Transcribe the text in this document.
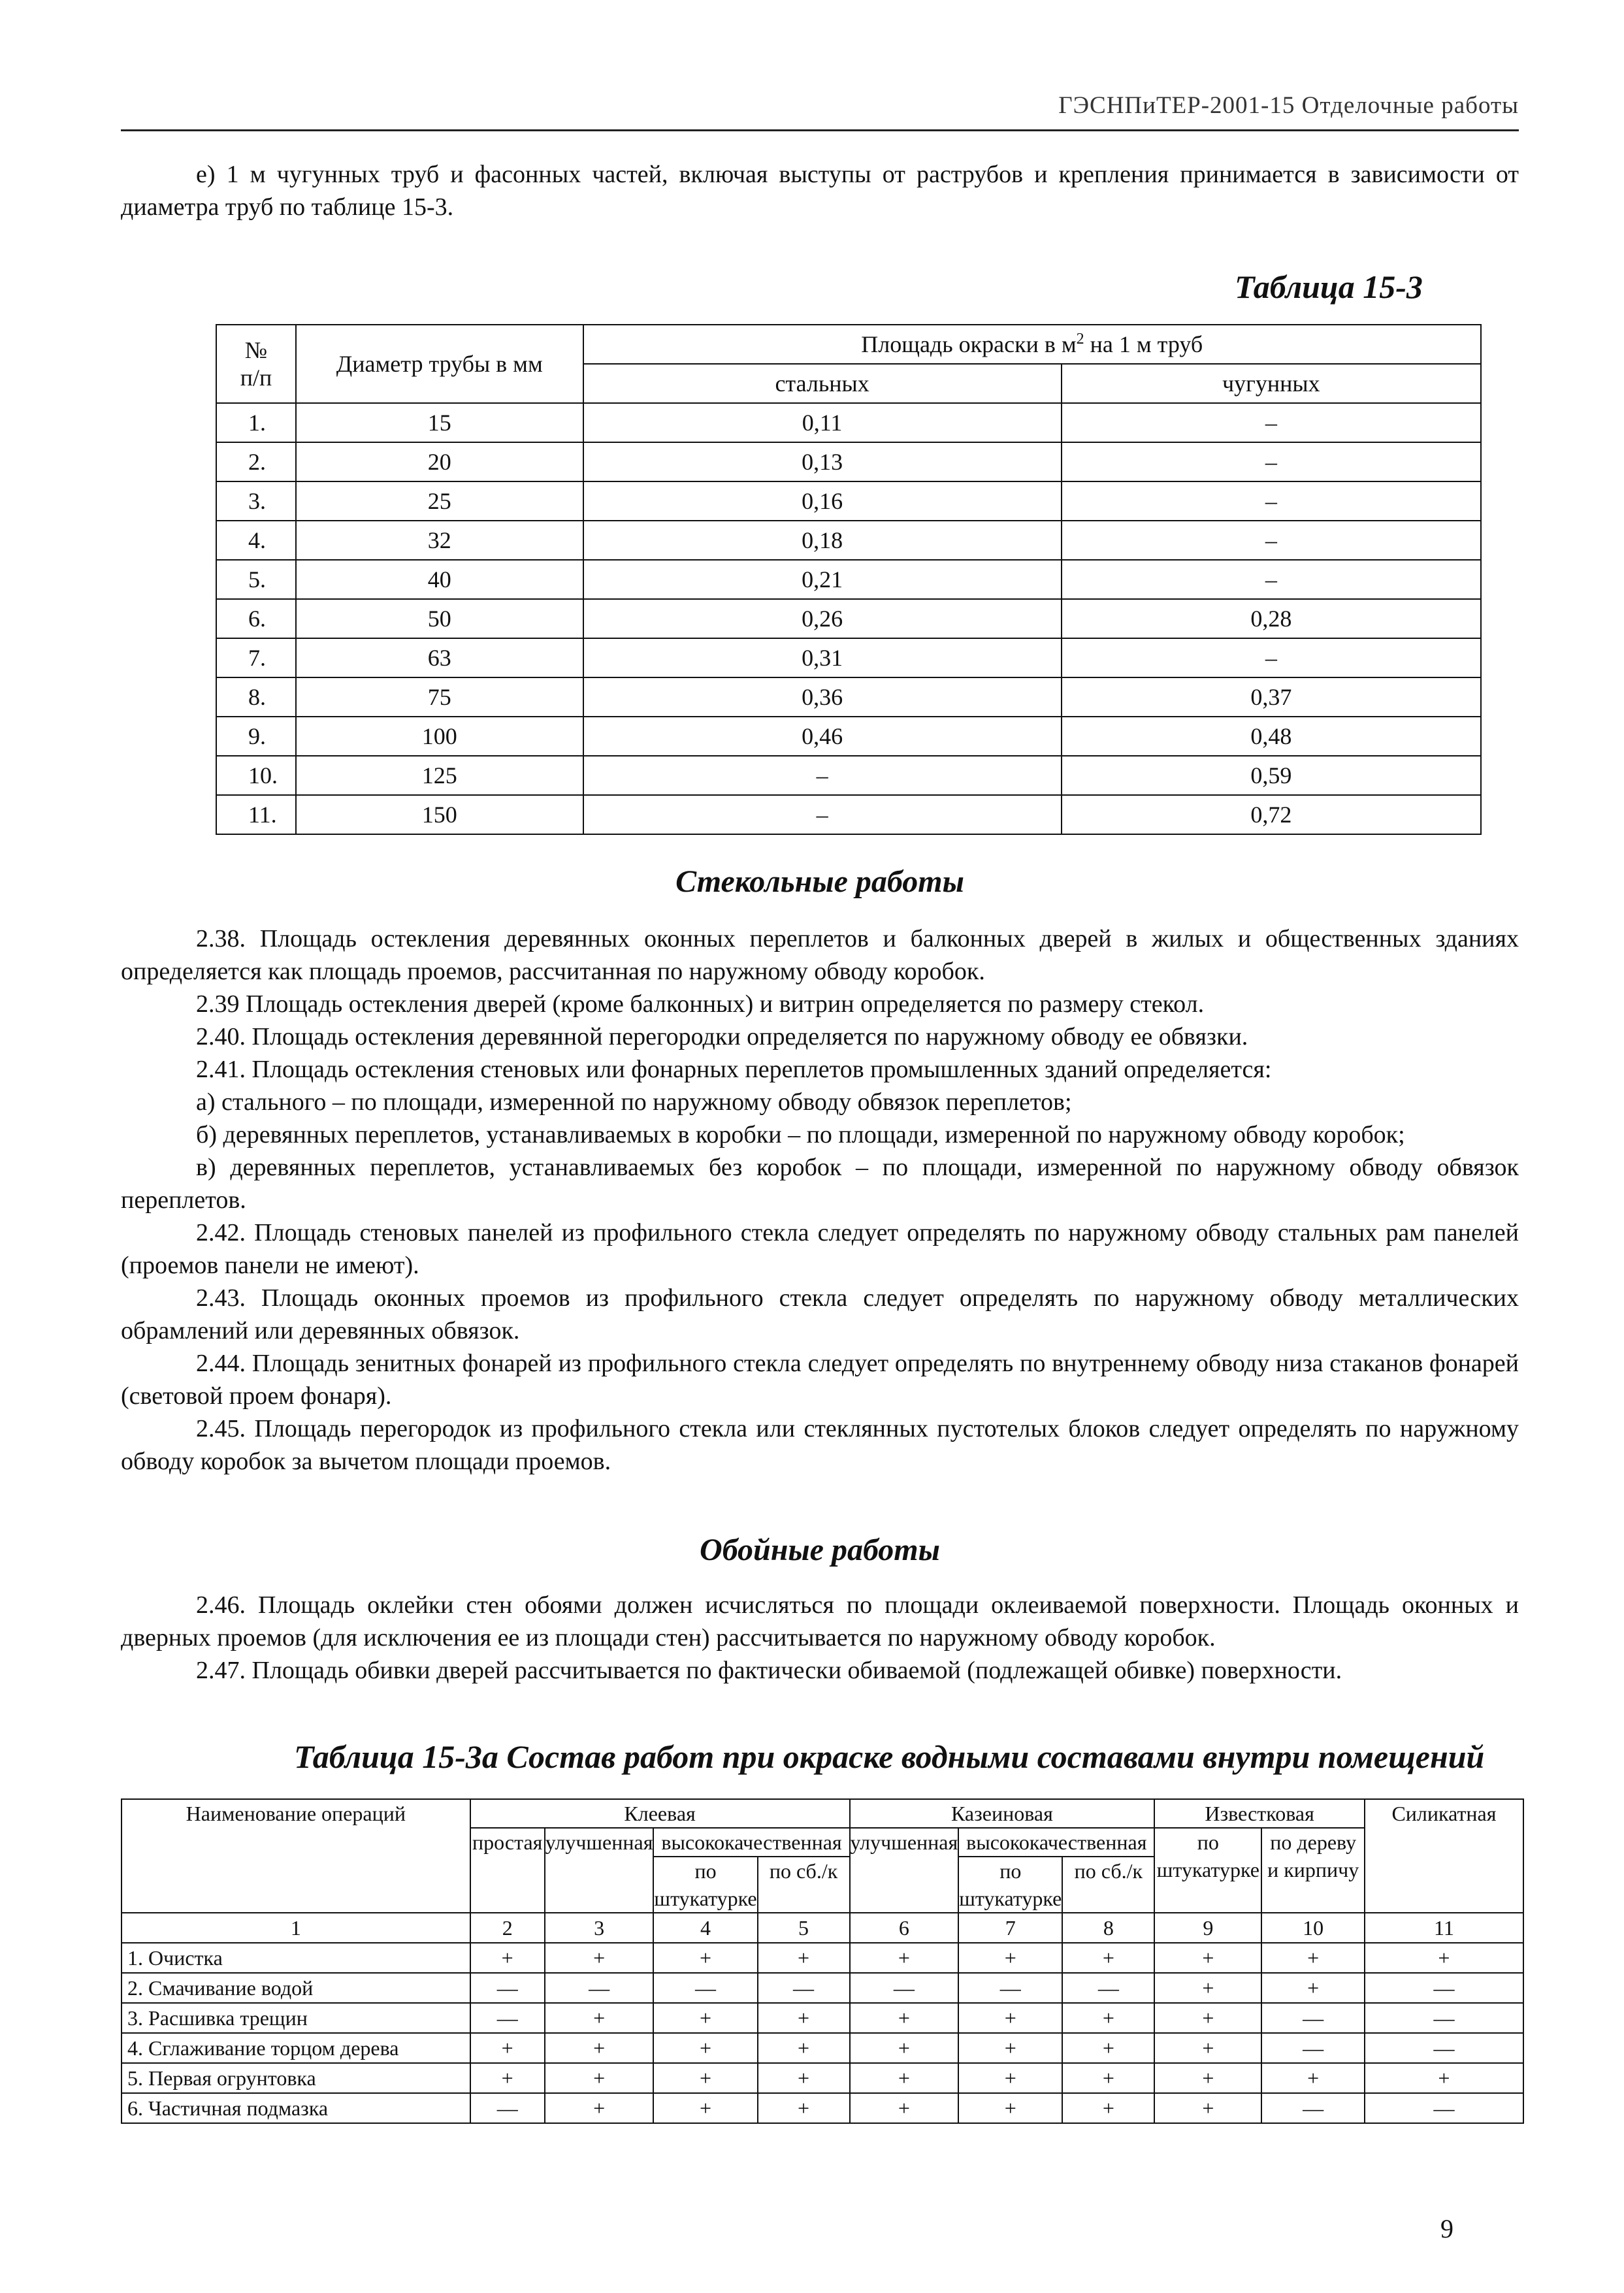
ГЭСНПиТЕР-2001-15 Отделочные работы

е) 1 м чугунных труб и фасонных частей, включая выступы от раструбов и крепления принимается в зависимости от диаметра труб по таблице 15-3.

Таблица 15-3
№
п/п	Диаметр трубы в мм	Площадь окраски в $м^2$ на 1 м труб	
		стальных	чугунных
1.	15	0,11	–
2.	20	0,13	–
3.	25	0,16	–
4.	32	0,18	–
5.	40	0,21	–
6.	50	0,26	0,28
7.	63	0,31	–
8.	75	0,36	0,37
9.	100	0,46	0,48
10.	125	–	0,59
11.	150	–	0,72
Стекольные работы

2.38. Площадь остекления деревянных оконных переплетов и балконных дверей в жилых и общественных зданиях определяется как площадь проемов, рассчитанная по наружному обводу коробок.

2.39 Площадь остекления дверей (кроме балконных) и витрин определяется по размеру стекол.

2.40. Площадь остекления деревянной перегородки определяется по наружному обводу ее обвязки.

2.41. Площадь остекления стеновых или фонарных переплетов промышленных зданий определяется:

а) стального – по площади, измеренной по наружному обводу обвязок переплетов;

б) деревянных переплетов, устанавливаемых в коробки – по площади, измеренной по наружному обводу коробок;

в) деревянных переплетов, устанавливаемых без коробок – по площади, измеренной по наружному обводу обвязок переплетов.

2.42. Площадь стеновых панелей из профильного стекла следует определять по наружному обводу стальных рам панелей (проемов панели не имеют).

2.43. Площадь оконных проемов из профильного стекла следует определять по наружному обводу металлических обрамлений или деревянных обвязок.

2.44. Площадь зенитных фонарей из профильного стекла следует определять по внутреннему обводу низа стаканов фонарей (световой проем фонаря).

2.45. Площадь перегородок из профильного стекла или стеклянных пустотелых блоков следует определять по наружному обводу коробок за вычетом площади проемов.

Обойные работы

2.46. Площадь оклейки стен обоями должен исчисляться по площади оклеиваемой поверхности. Площадь оконных и дверных проемов (для исключения ее из площади стен) рассчитывается по наружному обводу коробок.

2.47. Площадь обивки дверей рассчитывается по фактически обиваемой (подлежащей обивке) поверхности.

Таблица 15-3а Состав работ при окраске водными составами внутри помещений
Наименование операций	Клеевая				Казеиновая			Известковая		Силикатная
	простая	улучшенная	высококачественная		улучшенная	высококачественная		по штукатурке	по дереву и кирпичу	
			по штукатурке	по сб./к		по штукатурке	по сб./к			
1	2	3	4	5	6	7	8	9	10	11
1. Очистка	+	+	+	+	+	+	+	+	+	+
2. Смачивание водой	—	—	—	—	—	—	—	+	+	—
3. Расшивка трещин	—	+	+	+	+	+	+	+	—	—
4. Сглаживание торцом дерева	+	+	+	+	+	+	+	+	—	—
5. Первая огрунтовка	+	+	+	+	+	+	+	+	+	+
6. Частичная подмазка	—	+	+	+	+	+	+	+	—	—
9
